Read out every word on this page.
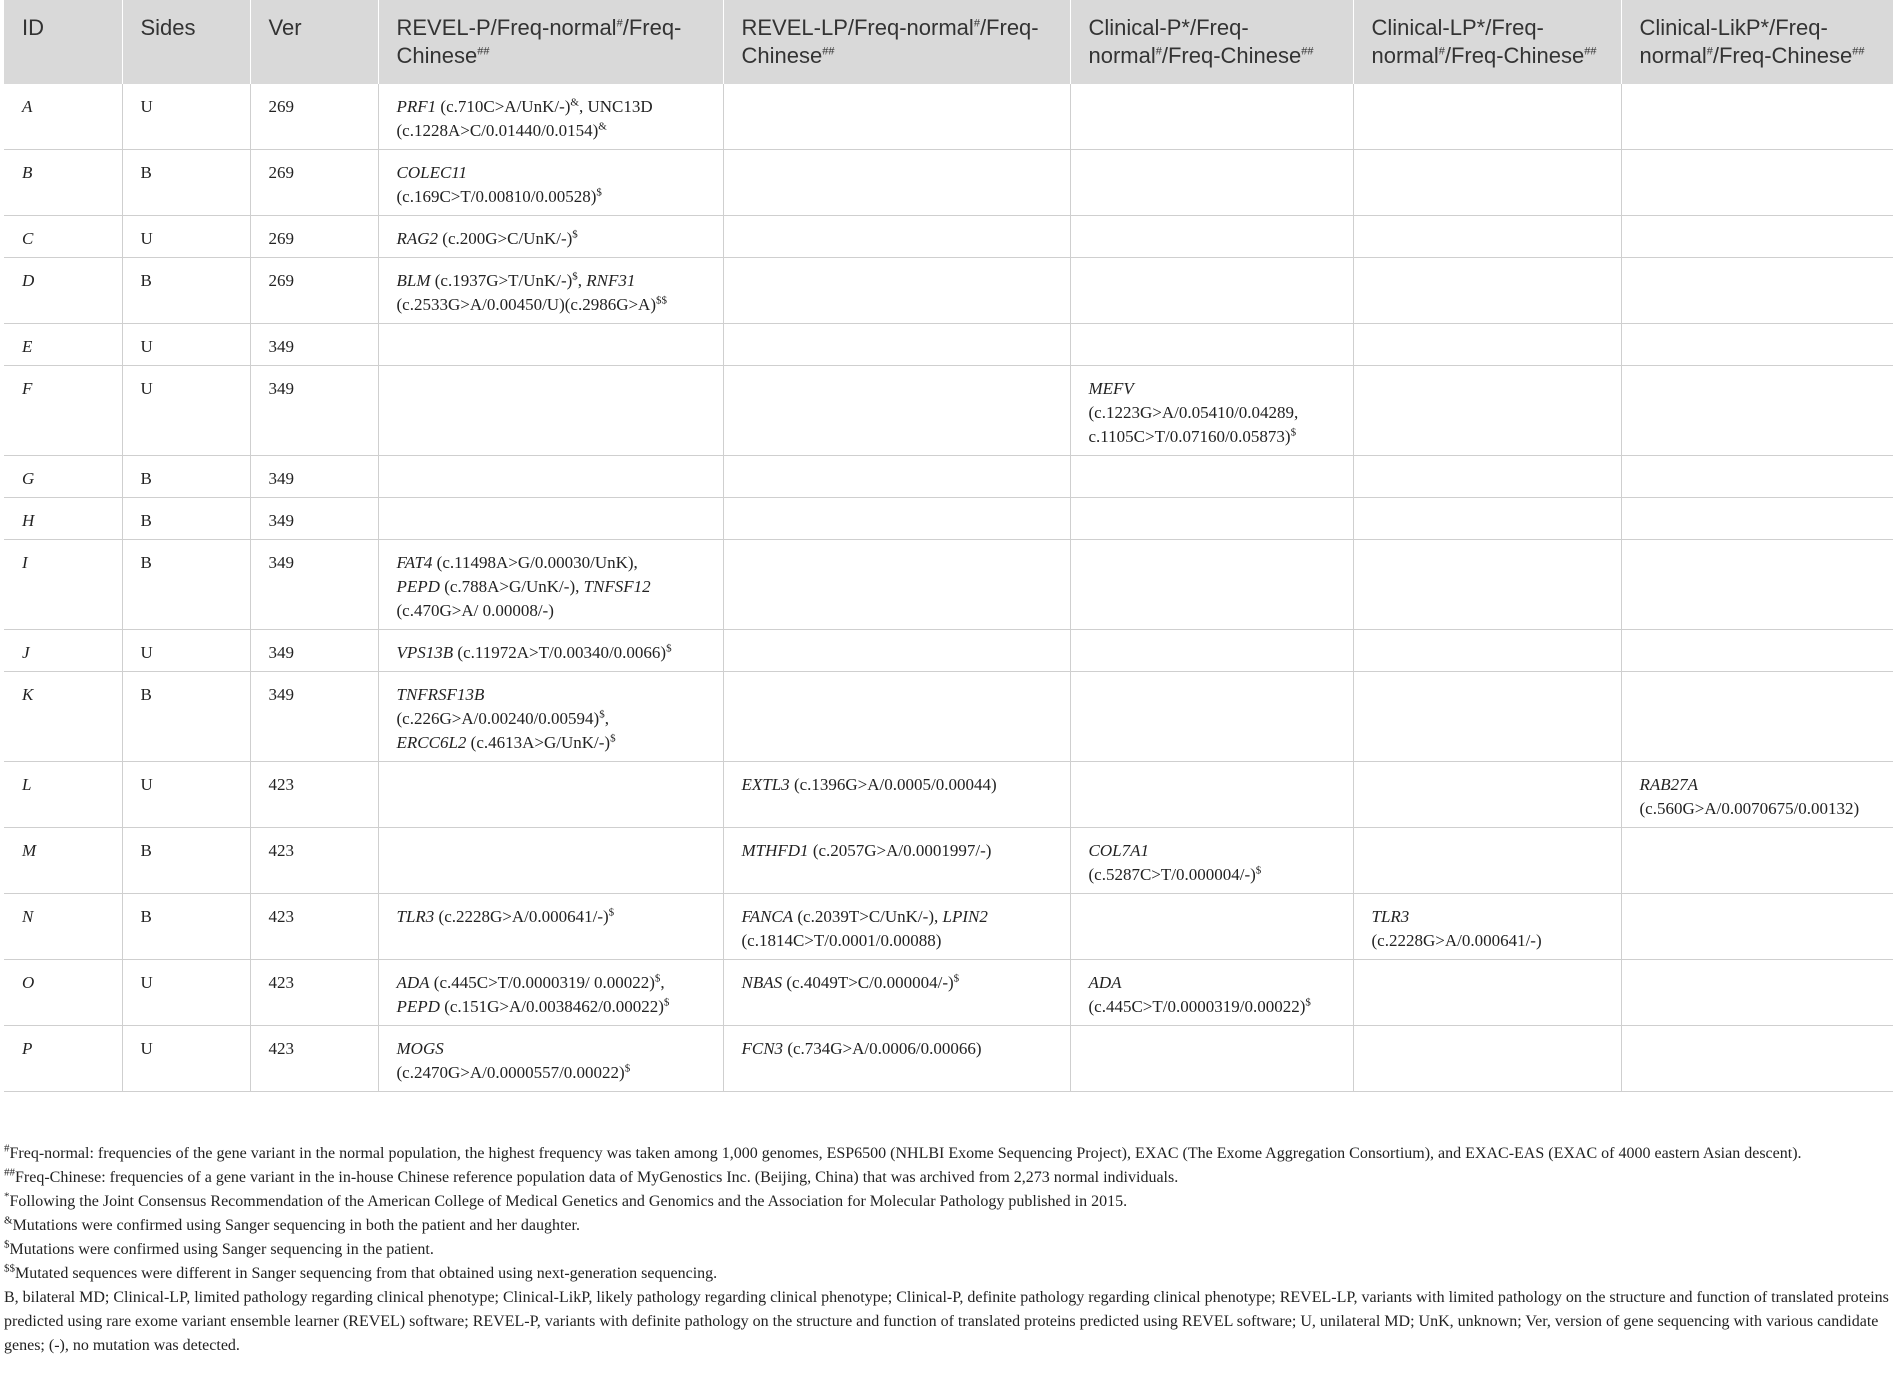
ID	Sides	Ver	REVEL-P/Freq-normal#/Freq-Chinese##	REVEL-LP/Freq-normal#/Freq-Chinese##	Clinical-P*/Freq-normal#/Freq-Chinese##	Clinical-LP*/Freq-normal#/Freq-Chinese##	Clinical-LikP*/Freq-normal#/Freq-Chinese##
A	U	269	PRF1 (c.710C>A/UnK/-)&, UNC13D (c.1228A>C/0.01440/0.0154)&				
B	B	269	COLEC11
(c.169C>T/0.00810/0.00528)$				
C	U	269	RAG2 (c.200G>C/UnK/-)$				
D	B	269	BLM (c.1937G>T/UnK/-)$, RNF31
(c.2533G>A/0.00450/U)(c.2986G>A)$$				
E	U	349					
F	U	349			MEFV
(c.1223G>A/0.05410/0.04289,
c.1105C>T/0.07160/0.05873)$		
G	B	349					
H	B	349					
I	B	349	FAT4 (c.11498A>G/0.00030/UnK),
PEPD (c.788A>G/UnK/-), TNFSF12
(c.470G>A/ 0.00008/-)				
J	U	349	VPS13B (c.11972A>T/0.00340/0.0066)$				
K	B	349	TNFRSF13B
(c.226G>A/0.00240/0.00594)$,
ERCC6L2 (c.4613A>G/UnK/-)$				
L	U	423		EXTL3 (c.1396G>A/0.0005/0.00044)			RAB27A
(c.560G>A/0.0070675/0.00132)
M	B	423		MTHFD1 (c.2057G>A/0.0001997/-)	COL7A1
(c.5287C>T/0.000004/-)$		
N	B	423	TLR3 (c.2228G>A/0.000641/-)$	FANCA (c.2039T>C/UnK/-), LPIN2
(c.1814C>T/0.0001/0.00088)		TLR3
(c.2228G>A/0.000641/-)	
O	U	423	ADA (c.445C>T/0.0000319/ 0.00022)$,
PEPD (c.151G>A/0.0038462/0.00022)$	NBAS (c.4049T>C/0.000004/-)$	ADA
(c.445C>T/0.0000319/0.00022)$		
P	U	423	MOGS
(c.2470G>A/0.0000557/0.00022)$	FCN3 (c.734G>A/0.0006/0.00066)			

#Freq-normal: frequencies of the gene variant in the normal population, the highest frequency was taken among 1,000 genomes, ESP6500 (NHLBI Exome Sequencing Project), EXAC (The Exome Aggregation Consortium), and EXAC-EAS (EXAC of 4000 eastern Asian descent).

##Freq-Chinese: frequencies of a gene variant in the in-house Chinese reference population data of MyGenostics Inc. (Beijing, China) that was archived from 2,273 normal individuals.

*Following the Joint Consensus Recommendation of the American College of Medical Genetics and Genomics and the Association for Molecular Pathology published in 2015.

&Mutations were confirmed using Sanger sequencing in both the patient and her daughter.

$Mutations were confirmed using Sanger sequencing in the patient.

$$Mutated sequences were different in Sanger sequencing from that obtained using next-generation sequencing.

B, bilateral MD; Clinical-LP, limited pathology regarding clinical phenotype; Clinical-LikP, likely pathology regarding clinical phenotype; Clinical-P, definite pathology regarding clinical phenotype; REVEL-LP, variants with limited pathology on the structure and function of translated proteins predicted using rare exome variant ensemble learner (REVEL) software; REVEL-P, variants with definite pathology on the structure and function of translated proteins predicted using REVEL software; U, unilateral MD; UnK, unknown; Ver, version of gene sequencing with various candidate genes; (-), no mutation was detected.
